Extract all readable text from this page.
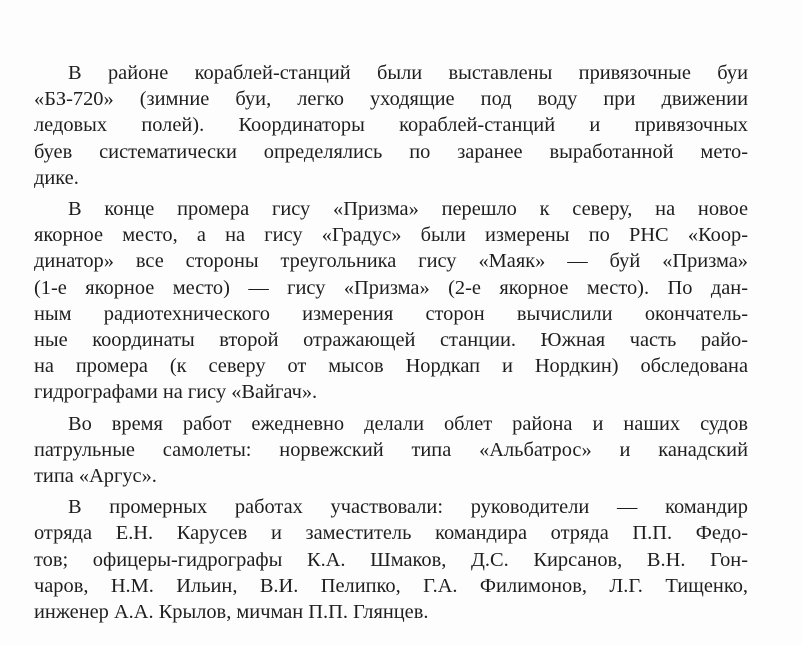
В районе кораблей-станций были выставлены привязочные буи
«БЗ-720» (зимние буи, легко уходящие под воду при движении
ледовых полей). Координаторы кораблей-станций и привязочных
буев систематически определялись по заранее выработанной мето-
дике.
В конце промера гису «Призма» перешло к северу, на новое
якорное место, а на гису «Градус» были измерены по РНС «Коор-
динатор» все стороны треугольника гису «Маяк» — буй «Призма»
(1-е якорное место) — гису «Призма» (2-е якорное место). По дан-
ным радиотехнического измерения сторон вычислили окончатель-
ные координаты второй отражающей станции. Южная часть райо-
на промера (к северу от мысов Нордкап и Нордкин) обследована
гидрографами на гису «Вайгач».
Во время работ ежедневно делали облет района и наших судов
патрульные самолеты: норвежский типа «Альбатрос» и канадский
типа «Аргус».
В промерных работах участвовали: руководители — командир
отряда Е.Н. Карусев и заместитель командира отряда П.П. Федо-
тов; офицеры-гидрографы К.А. Шмаков, Д.С. Кирсанов, В.Н. Гон-
чаров, Н.М. Ильин, В.И. Пелипко, Г.А. Филимонов, Л.Г. Тищенко,
инженер А.А. Крылов, мичман П.П. Глянцев.
